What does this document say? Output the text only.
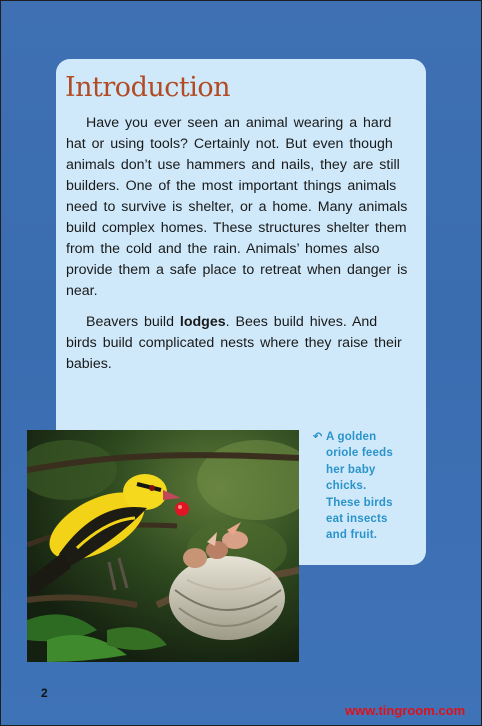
Introduction

Have you ever seen an animal wearing a hard hat or using tools? Certainly not. But even though animals don’t use hammers and nails, they are still builders. One of the most important things animals need to survive is shelter, or a home. Many animals build complex homes. These structures shelter them from the cold and the rain. Animals’ homes also provide them a safe place to retreat when danger is near.

Beavers build lodges. Bees build hives. And birds build complicated nests where they raise their babies.

↶ A golden
oriole feeds
her baby
chicks.
These birds
eat insects
and fruit.
2
www.tingroom.com
